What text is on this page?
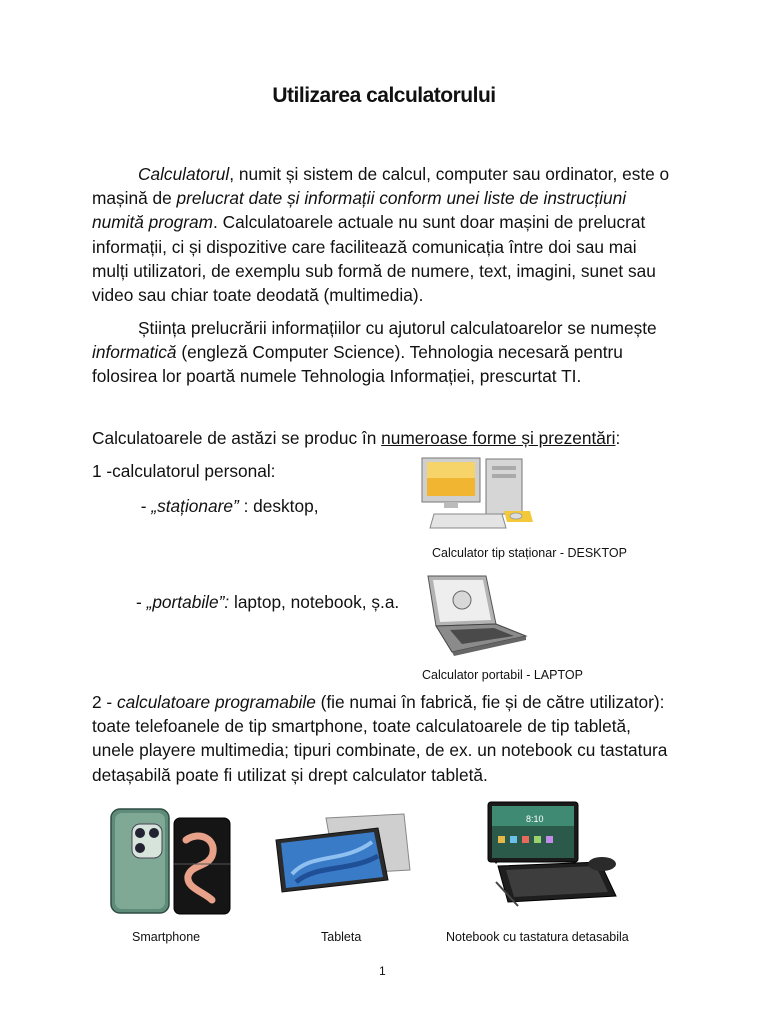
Utilizarea calculatorului
Calculatorul, numit și sistem de calcul, computer sau ordinator, este o mașină de prelucrat date și informații conform unei liste de instrucțiuni numită program. Calculatoarele actuale nu sunt doar mașini de prelucrat informații, ci și dispozitive care facilitează comunicația între doi sau mai mulți utilizatori, de exemplu sub formă de numere, text, imagini, sunet sau video sau chiar toate deodată (multimedia).
Știința prelucrării informațiilor cu ajutorul calculatoarelor se numește informatică (engleză Computer Science). Tehnologia necesară pentru folosirea lor poartă numele Tehnologia Informației, prescurtat TI.
Calculatoarele de astăzi se produc în numeroase forme și prezentări:
1 -calculatorul personal:
- „staționare” : desktop,
- „portabile”: laptop, notebook, ș.a.
Calculator tip staționar - DESKTOP
Calculator portabil - LAPTOP
2 - calculatoare programabile (fie numai în fabrică, fie și de către utilizator): toate telefoanele de tip smartphone, toate calculatoarele de tip tabletă, unele playere multimedia; tipuri combinate, de ex. un notebook cu tastatura detașabilă poate fi utilizat și drept calculator tabletă.
Smartphone	Tableta
8:10
Notebook cu tastatura detasabila
1
